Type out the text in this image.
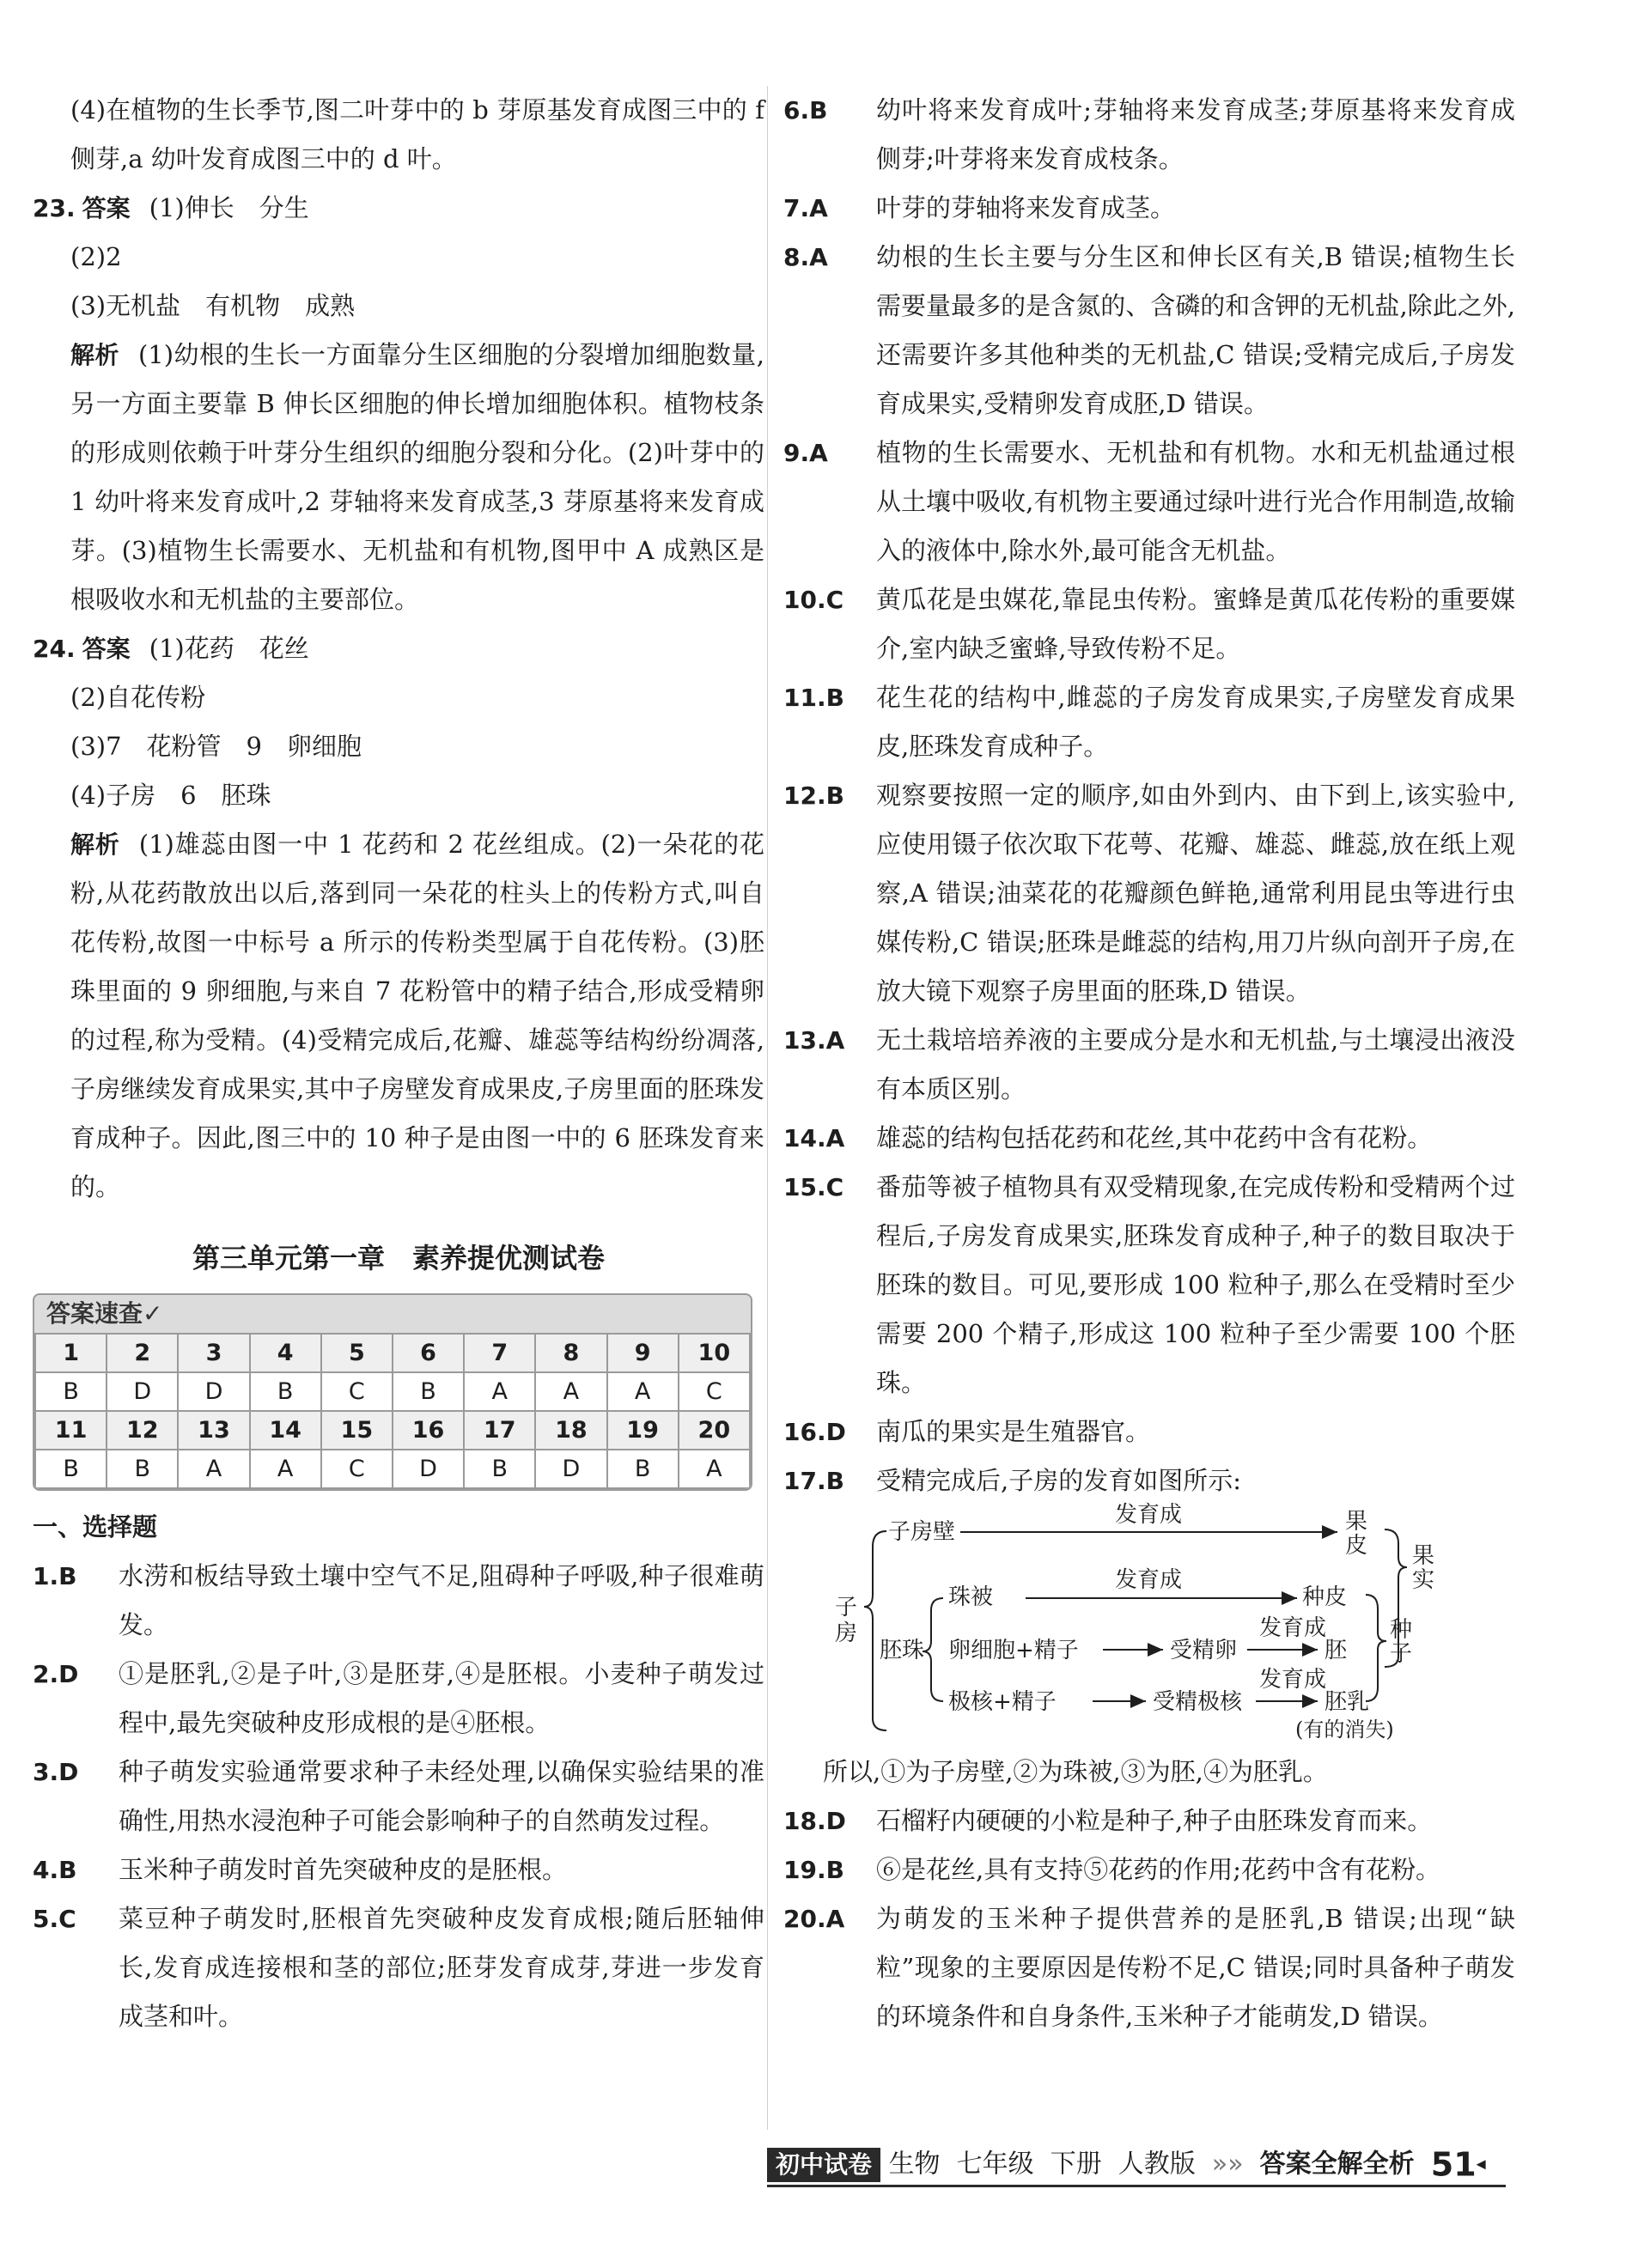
(4)在植物的生长季节,图二叶芽中的 b 芽原基发育成图三中的 f 侧芽,a 幼叶发育成图三中的 d 叶。
23. 答案 (1)伸长　分生
(2)2
(3)无机盐　有机物　成熟
解析 (1)幼根的生长一方面靠分生区细胞的分裂增加细胞数量,另一方面主要靠 B 伸长区细胞的伸长增加细胞体积。植物枝条的形成则依赖于叶芽分生组织的细胞分裂和分化。(2)叶芽中的 1 幼叶将来发育成叶,2 芽轴将来发育成茎,3 芽原基将来发育成芽。(3)植物生长需要水、无机盐和有机物,图甲中 A 成熟区是根吸收水和无机盐的主要部位。
24. 答案 (1)花药　花丝
(2)自花传粉
(3)7　花粉管　9　卵细胞
(4)子房　6　胚珠
解析 (1)雄蕊由图一中 1 花药和 2 花丝组成。(2)一朵花的花粉,从花药散放出以后,落到同一朵花的柱头上的传粉方式,叫自花传粉,故图一中标号 a 所示的传粉类型属于自花传粉。(3)胚珠里面的 9 卵细胞,与来自 7 花粉管中的精子结合,形成受精卵的过程,称为受精。(4)受精完成后,花瓣、雄蕊等结构纷纷凋落,子房继续发育成果实,其中子房壁发育成果皮,子房里面的胚珠发育成种子。因此,图三中的 10 种子是由图一中的 6 胚珠发育来的。
第三单元第一章　素养提优测试卷
答案速查✓
1	2	3	4	5	6	7	8	9	10
B	D	D	B	C	B	A	A	A	C
11	12	13	14	15	16	17	18	19	20
B	B	A	A	C	D	B	D	B	A
一、选择题
1.B 水涝和板结导致土壤中空气不足,阻碍种子呼吸,种子很难萌发。
2.D ①是胚乳,②是子叶,③是胚芽,④是胚根。小麦种子萌发过程中,最先突破种皮形成根的是④胚根。
3.D 种子萌发实验通常要求种子未经处理,以确保实验结果的准确性,用热水浸泡种子可能会影响种子的自然萌发过程。
4.B 玉米种子萌发时首先突破种皮的是胚根。
5.C 菜豆种子萌发时,胚根首先突破种皮发育成根;随后胚轴伸长,发育成连接根和茎的部位;胚芽发育成芽,芽进一步发育成茎和叶。
6.B 幼叶将来发育成叶;芽轴将来发育成茎;芽原基将来发育成侧芽;叶芽将来发育成枝条。
7.A 叶芽的芽轴将来发育成茎。
8.A 幼根的生长主要与分生区和伸长区有关,B 错误;植物生长需要量最多的是含氮的、含磷的和含钾的无机盐,除此之外,还需要许多其他种类的无机盐,C 错误;受精完成后,子房发育成果实,受精卵发育成胚,D 错误。
9.A 植物的生长需要水、无机盐和有机物。水和无机盐通过根从土壤中吸收,有机物主要通过绿叶进行光合作用制造,故输入的液体中,除水外,最可能含无机盐。
10.C 黄瓜花是虫媒花,靠昆虫传粉。蜜蜂是黄瓜花传粉的重要媒介,室内缺乏蜜蜂,导致传粉不足。
11.B 花生花的结构中,雌蕊的子房发育成果实,子房壁发育成果皮,胚珠发育成种子。
12.B 观察要按照一定的顺序,如由外到内、由下到上,该实验中,应使用镊子依次取下花萼、花瓣、雄蕊、雌蕊,放在纸上观察,A 错误;油菜花的花瓣颜色鲜艳,通常利用昆虫等进行虫媒传粉,C 错误;胚珠是雌蕊的结构,用刀片纵向剖开子房,在放大镜下观察子房里面的胚珠,D 错误。
13.A 无土栽培培养液的主要成分是水和无机盐,与土壤浸出液没有本质区别。
14.A 雄蕊的结构包括花药和花丝,其中花药中含有花粉。
15.C 番茄等被子植物具有双受精现象,在完成传粉和受精两个过程后,子房发育成果实,胚珠发育成种子,种子的数目取决于胚珠的数目。可见,要形成 100 粒种子,那么在受精时至少需要 200 个精子,形成这 100 粒种子至少需要 100 个胚珠。
16.D 南瓜的果实是生殖器官。
17.B 受精完成后,子房的发育如图所示:
子
房
子房壁
发育成	果
皮 果
实
珠被
发育成
种皮
胚珠 卵细胞+精子	受精卵
发育成
胚
种
子
极核+精子	受精极核
发育成
胚乳
(有的消失)
所以,①为子房壁,②为珠被,③为胚,④为胚乳。
18.D 石榴籽内硬硬的小粒是种子,种子由胚珠发育而来。
19.B ⑥是花丝,具有支持⑤花药的作用;花药中含有花粉。
20.A 为萌发的玉米种子提供营养的是胚乳,B 错误;出现“缺粒”现象的主要原因是传粉不足,C 错误;同时具备种子萌发的环境条件和自身条件,玉米种子才能萌发,D 错误。
初中试卷 生物 七年级 下册 人教版 »» 答案全解全析 51◂
